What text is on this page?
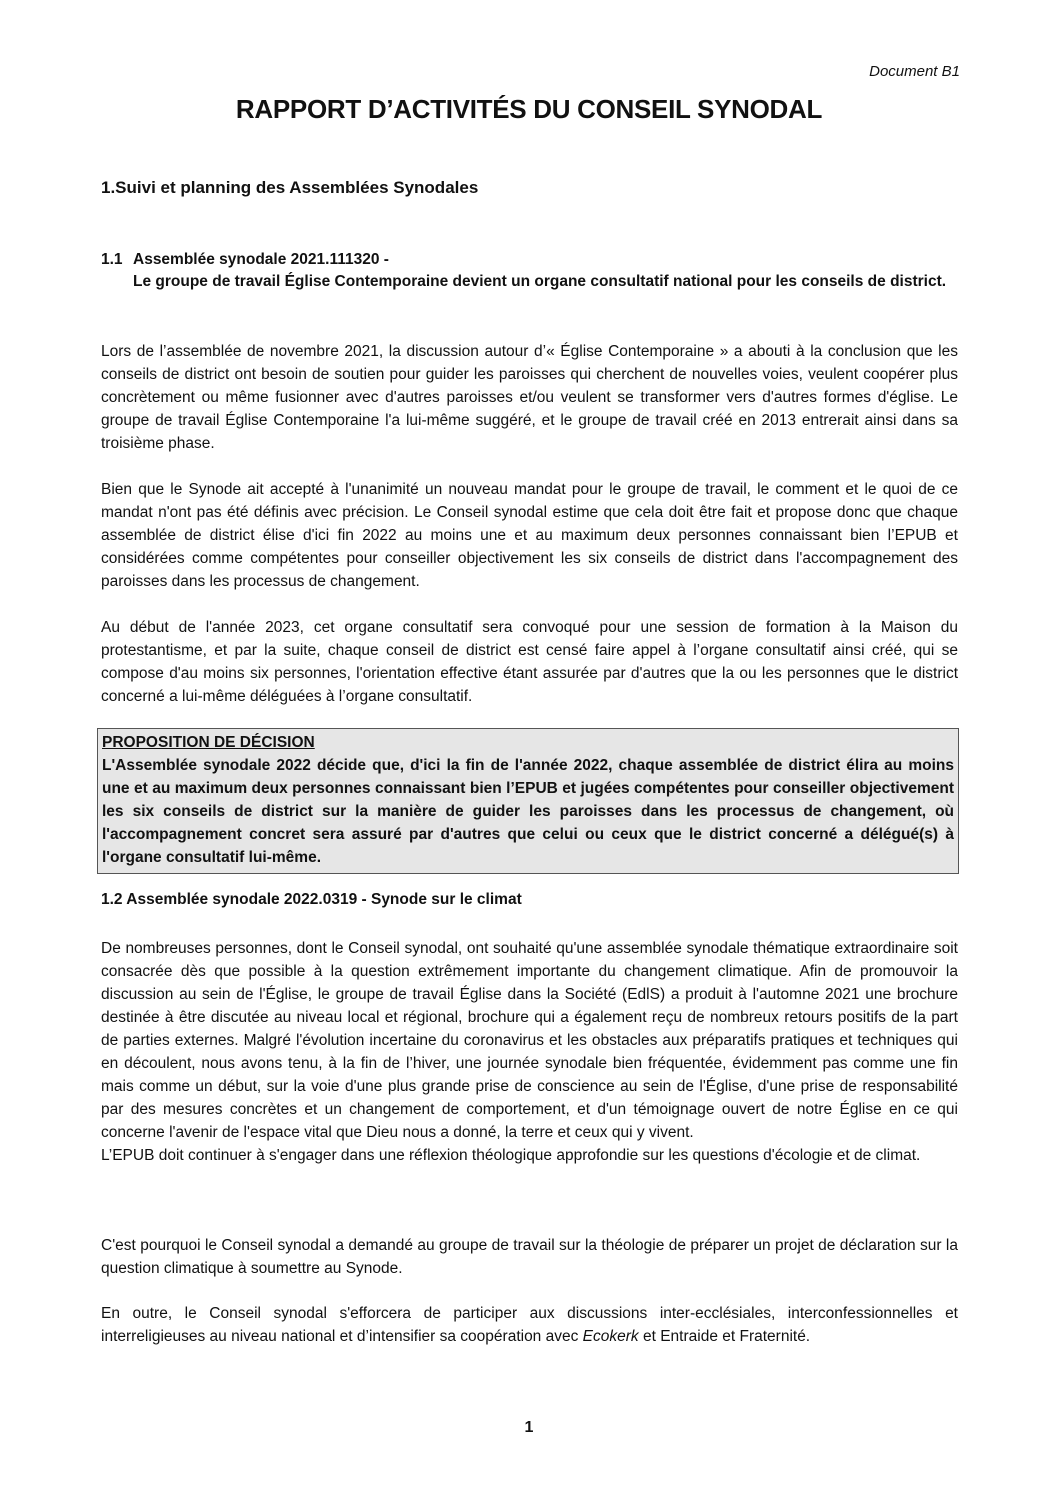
Document B1
RAPPORT D’ACTIVITÉS DU CONSEIL SYNODAL
1.Suivi et planning des Assemblées Synodales
1.1 Assemblée synodale 2021.111320 -
Le groupe de travail Église Contemporaine devient un organe consultatif national pour les conseils de district.

Lors de l’assemblée de novembre 2021, la discussion autour d’« Église Contemporaine » a abouti à la conclusion que les conseils de district ont besoin de soutien pour guider les paroisses qui cherchent de nouvelles voies, veulent coopérer plus concrètement ou même fusionner avec d'autres paroisses et/ou veulent se transformer vers d'autres formes d'église. Le groupe de travail Église Contemporaine l'a lui-même suggéré, et le groupe de travail créé en 2013 entrerait ainsi dans sa troisième phase.

Bien que le Synode ait accepté à l'unanimité un nouveau mandat pour le groupe de travail, le comment et le quoi de ce mandat n'ont pas été définis avec précision. Le Conseil synodal estime que cela doit être fait et propose donc que chaque assemblée de district élise d'ici fin 2022 au moins une et au maximum deux personnes connaissant bien l’EPUB et considérées comme compétentes pour conseiller objectivement les six conseils de district dans l'accompagnement des paroisses dans les processus de changement.

Au début de l'année 2023, cet organe consultatif sera convoqué pour une session de formation à la Maison du protestantisme, et par la suite, chaque conseil de district est censé faire appel à l’organe consultatif ainsi créé, qui se compose d'au moins six personnes, l'orientation effective étant assurée par d'autres que la ou les personnes que le district concerné a lui-même déléguées à l’organe consultatif.

PROPOSITION DE DÉCISION
L'Assemblée synodale 2022 décide que, d'ici la fin de l'année 2022, chaque assemblée de district élira au moins une et au maximum deux personnes connaissant bien l’EPUB et jugées compétentes pour conseiller objectivement les six conseils de district sur la manière de guider les paroisses dans les processus de changement, où l'accompagnement concret sera assuré par d'autres que celui ou ceux que le district concerné a délégué(s) à l'organe consultatif lui-même.
1.2 Assemblée synodale 2022.0319 - Synode sur le climat
De nombreuses personnes, dont le Conseil synodal, ont souhaité qu'une assemblée synodale thématique extraordinaire soit consacrée dès que possible à la question extrêmement importante du changement climatique. Afin de promouvoir la discussion au sein de l'Église, le groupe de travail Église dans la Société (EdlS) a produit à l'automne 2021 une brochure destinée à être discutée au niveau local et régional, brochure qui a également reçu de nombreux retours positifs de la part de parties externes. Malgré l'évolution incertaine du coronavirus et les obstacles aux préparatifs pratiques et techniques qui en découlent, nous avons tenu, à la fin de l’hiver, une journée synodale bien fréquentée, évidemment pas comme une fin mais comme un début, sur la voie d'une plus grande prise de conscience au sein de l'Église, d'une prise de responsabilité par des mesures concrètes et un changement de comportement, et d'un témoignage ouvert de notre Église en ce qui concerne l'avenir de l'espace vital que Dieu nous a donné, la terre et ceux qui y vivent.
L’EPUB doit continuer à s'engager dans une réflexion théologique approfondie sur les questions d'écologie et de climat.

C'est pourquoi le Conseil synodal a demandé au groupe de travail sur la théologie de préparer un projet de déclaration sur la question climatique à soumettre au Synode.

En outre, le Conseil synodal s'efforcera de participer aux discussions inter-ecclésiales, interconfessionnelles et interreligieuses au niveau national et d’intensifier sa coopération avec Ecokerk et Entraide et Fraternité.

1
